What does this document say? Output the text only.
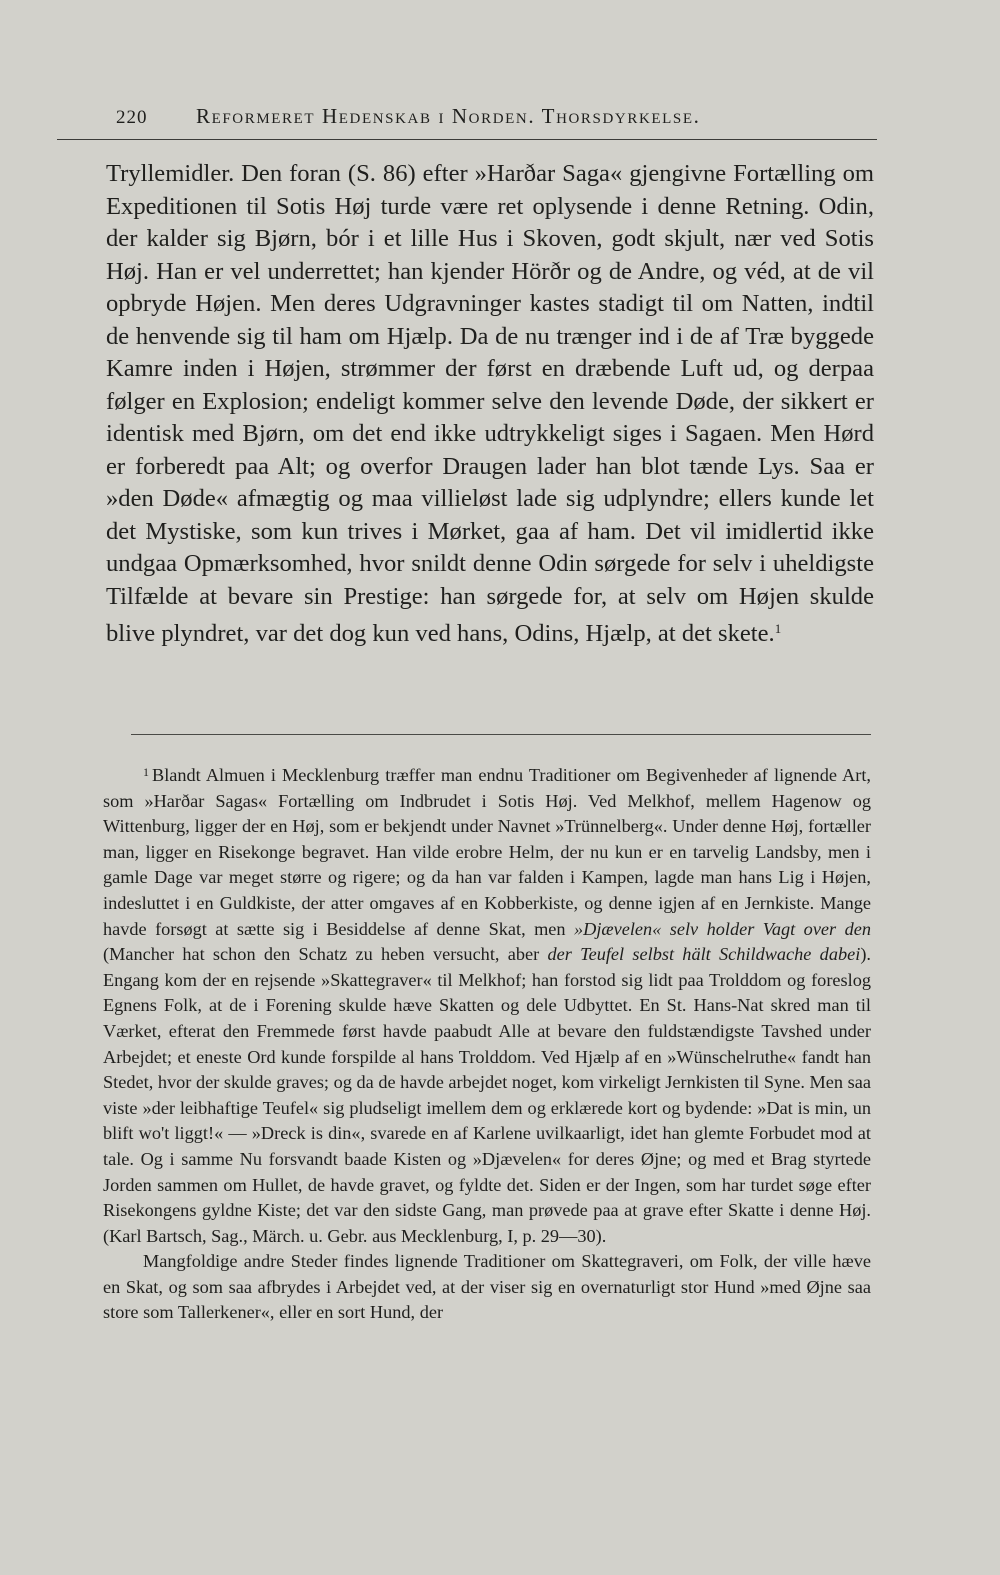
220 Reformeret Hedenskab i Norden. Thorsdyrkelse.

Tryllemidler. Den foran (S. 86) efter »Harðar Saga« gjengivne Fortælling om Expeditionen til Sotis Høj turde være ret oplysende i denne Retning. Odin, der kalder sig Bjørn, bór i et lille Hus i Skoven, godt skjult, nær ved Sotis Høj. Han er vel underrettet; han kjender Hörðr og de Andre, og véd, at de vil opbryde Højen. Men deres Udgravninger kastes stadigt til om Natten, indtil de henvende sig til ham om Hjælp. Da de nu trænger ind i de af Træ byggede Kamre inden i Højen, strømmer der først en dræbende Luft ud, og derpaa følger en Explosion; endeligt kommer selve den levende Døde, der sikkert er identisk med Bjørn, om det end ikke udtrykkeligt siges i Sagaen. Men Hørd er forberedt paa Alt; og overfor Draugen lader han blot tænde Lys. Saa er »den Døde« afmægtig og maa villieløst lade sig udplyndre; ellers kunde let det Mystiske, som kun trives i Mørket, gaa af ham. Det vil imidlertid ikke undgaa Opmærksomhed, hvor snildt denne Odin sørgede for selv i uheldigste Tilfælde at bevare sin Prestige: han sørgede for, at selv om Højen skulde blive plyndret, var det dog kun ved hans, Odins, Hjælp, at det skete.$^1$

$^1$ Blandt Almuen i Mecklenburg træffer man endnu Traditioner om Begivenheder af lignende Art, som »Harðar Sagas« Fortælling om Indbrudet i Sotis Høj. Ved Melkhof, mellem Hagenow og Wittenburg, ligger der en Høj, som er bekjendt under Navnet »Trünnelberg«. Under denne Høj, fortæller man, ligger en Risekonge begravet. Han vilde erobre Helm, der nu kun er en tarvelig Landsby, men i gamle Dage var meget større og rigere; og da han var falden i Kampen, lagde man hans Lig i Højen, indesluttet i en Guldkiste, der atter omgaves af en Kobberkiste, og denne igjen af en Jernkiste. Mange havde forsøgt at sætte sig i Besiddelse af denne Skat, men »Djævelen« selv holder Vagt over den (Mancher hat schon den Schatz zu heben versucht, aber der Teufel selbst hält Schildwache dabei). Engang kom der en rejsende »Skattegraver« til Melkhof; han forstod sig lidt paa Trolddom og foreslog Egnens Folk, at de i Forening skulde hæve Skatten og dele Udbyttet. En St. Hans-Nat skred man til Værket, efterat den Fremmede først havde paabudt Alle at bevare den fuldstændigste Tavshed under Arbejdet; et eneste Ord kunde forspilde al hans Trolddom. Ved Hjælp af en »Wünschelruthe« fandt han Stedet, hvor der skulde graves; og da de havde arbejdet noget, kom virkeligt Jernkisten til Syne. Men saa viste »der leibhaftige Teufel« sig pludseligt imellem dem og erklærede kort og bydende: »Dat is min, un blift wo't liggt!« — »Dreck is din«, svarede en af Karlene uvilkaarligt, idet han glemte Forbudet mod at tale. Og i samme Nu forsvandt baade Kisten og »Djævelen« for deres Øjne; og med et Brag styrtede Jorden sammen om Hullet, de havde gravet, og fyldte det. Siden er der Ingen, som har turdet søge efter Risekongens gyldne Kiste; det var den sidste Gang, man prøvede paa at grave efter Skatte i denne Høj. (Karl Bartsch, Sag., Märch. u. Gebr. aus Mecklenburg, I, p. 29—30).

Mangfoldige andre Steder findes lignende Traditioner om Skattegraveri, om Folk, der ville hæve en Skat, og som saa afbrydes i Arbejdet ved, at der viser sig en overnaturligt stor Hund »med Øjne saa store som Tallerkener«, eller en sort Hund, der
